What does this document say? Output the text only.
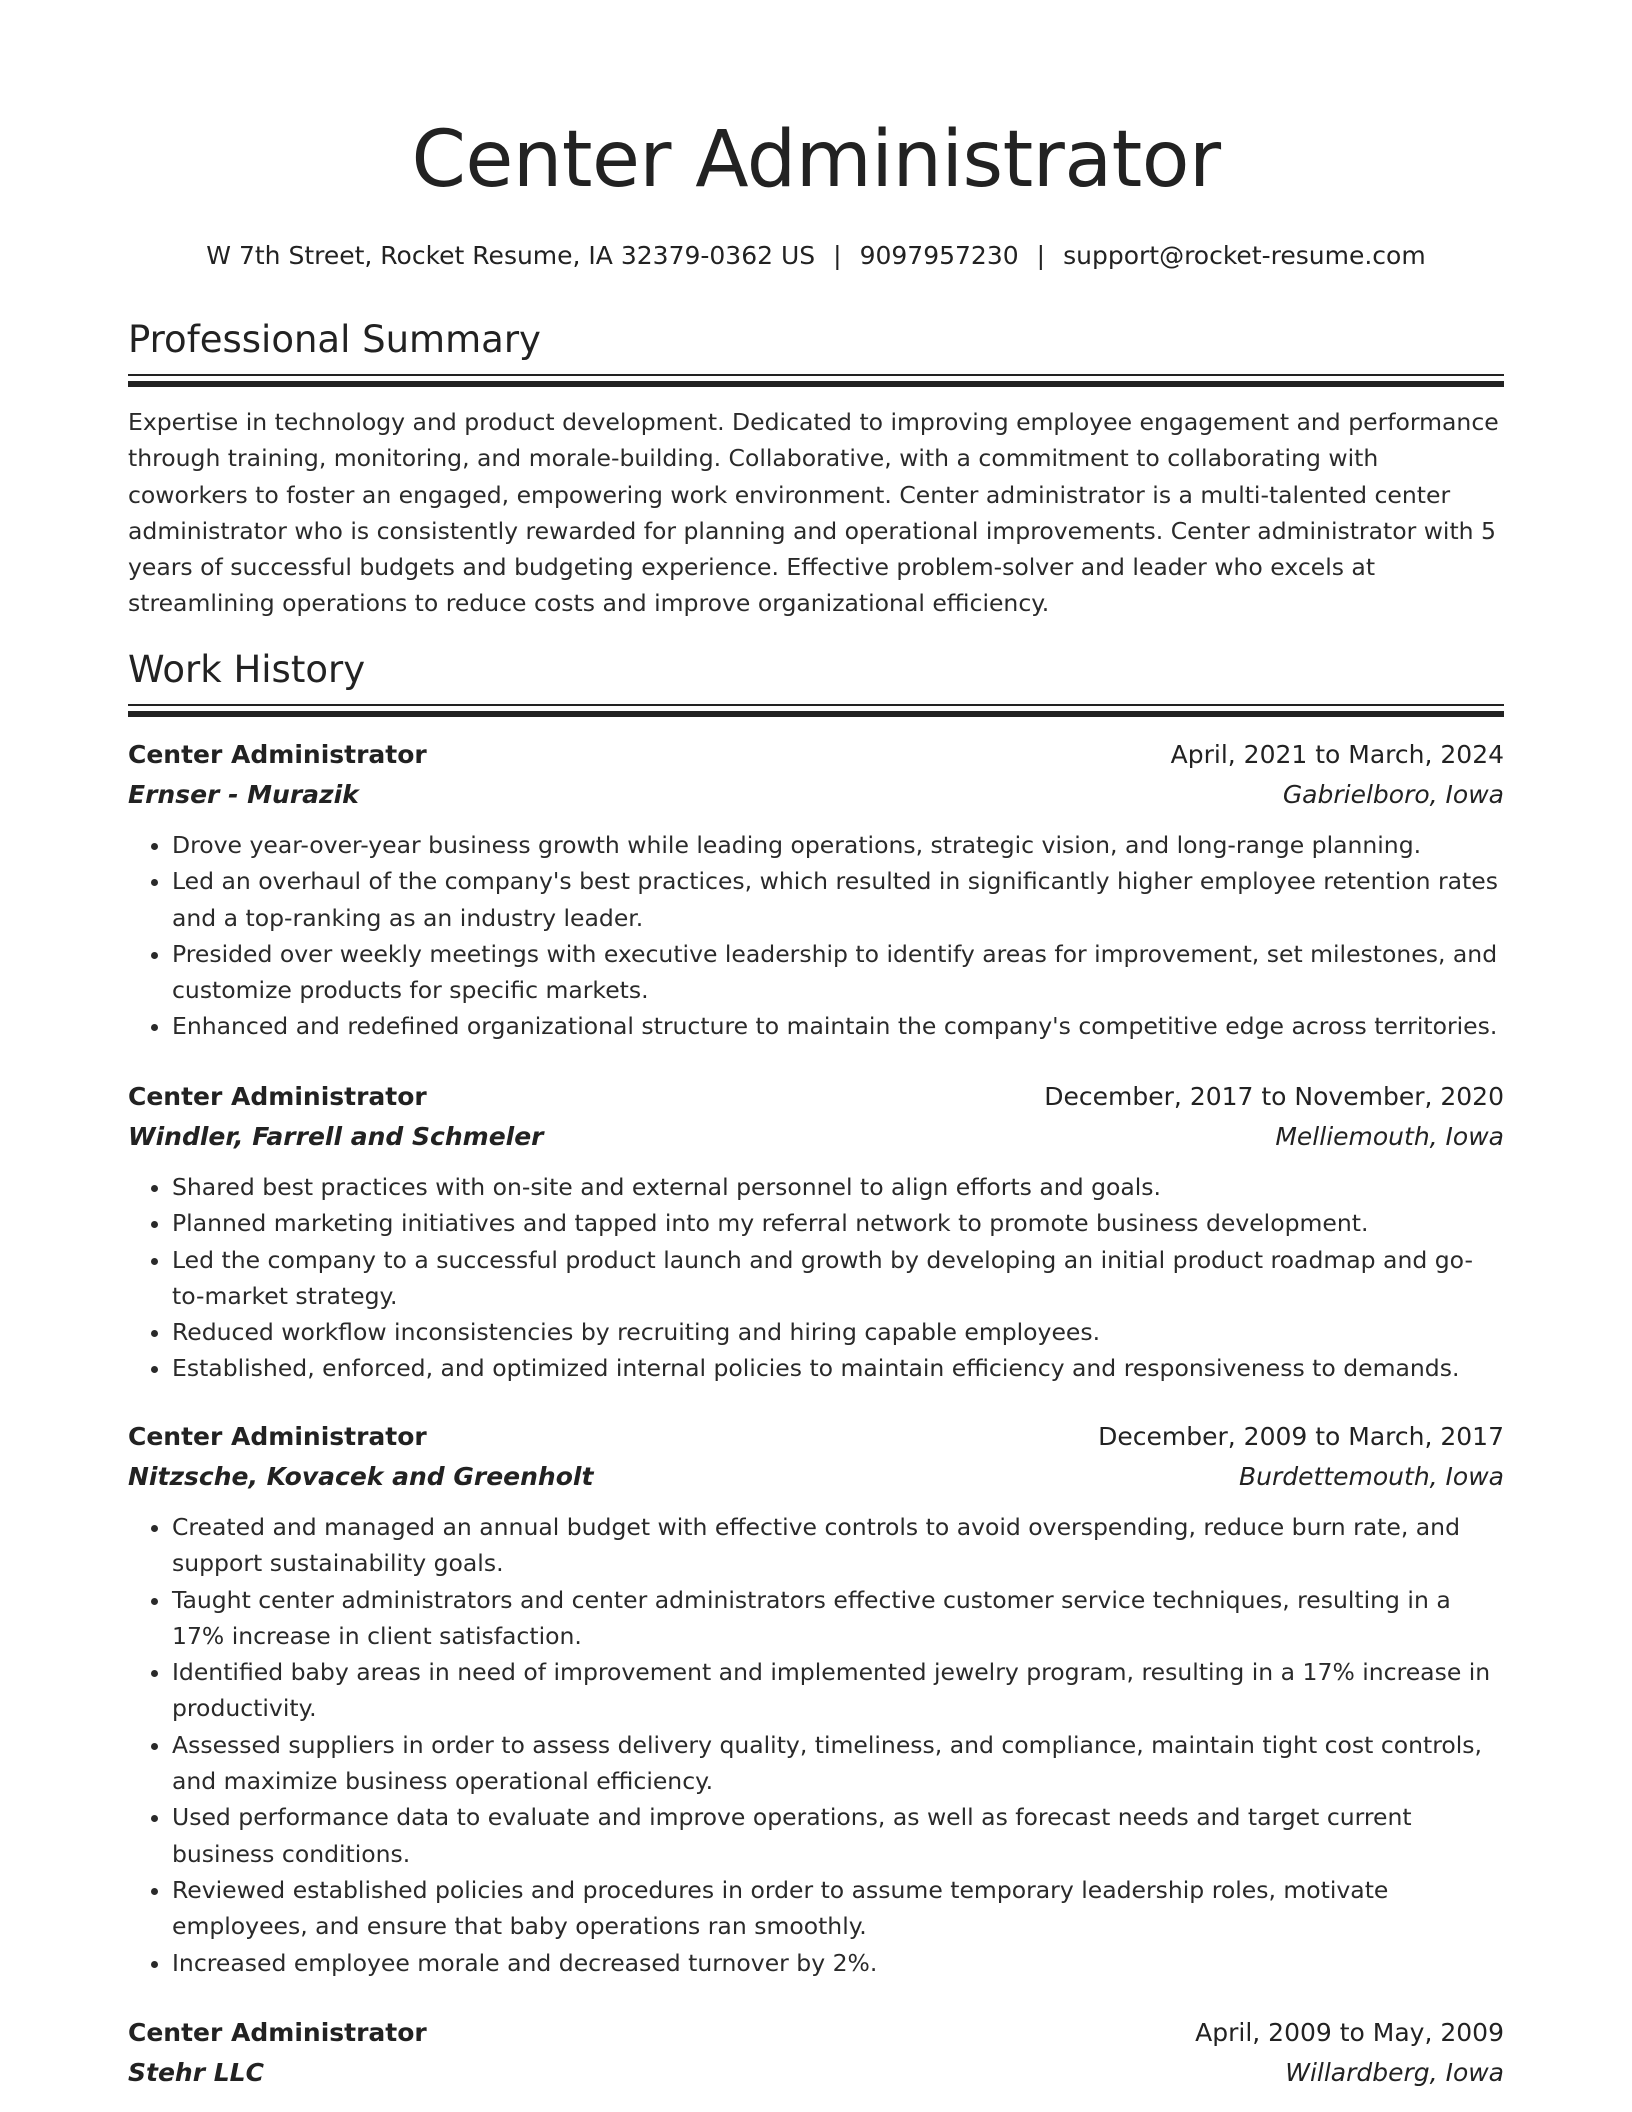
Center Administrator
W 7th Street, Rocket Resume, IA 32379-0362 US | 9097957230 | support@rocket-resume.com
Professional Summary
Expertise in technology and product development. Dedicated to improving employee engagement and performance through training, monitoring, and morale-building. Collaborative, with a commitment to collaborating with coworkers to foster an engaged, empowering work environment. Center administrator is a multi-talented center administrator who is consistently rewarded for planning and operational improvements. Center administrator with 5 years of successful budgets and budgeting experience. Effective problem-solver and leader who excels at streamlining operations to reduce costs and improve organizational efficiency.
Work History
Center Administrator	April, 2021 to March, 2024
Ernser - Murazik	Gabrielboro, Iowa
• Drove year-over-year business growth while leading operations, strategic vision, and long-range planning.
• Led an overhaul of the company's best practices, which resulted in significantly higher employee retention rates and a top-ranking as an industry leader.
• Presided over weekly meetings with executive leadership to identify areas for improvement, set milestones, and customize products for specific markets.
• Enhanced and redefined organizational structure to maintain the company's competitive edge across territories.
Center Administrator	December, 2017 to November, 2020
Windler, Farrell and Schmeler	Melliemouth, Iowa
• Shared best practices with on-site and external personnel to align efforts and goals.
• Planned marketing initiatives and tapped into my referral network to promote business development.
• Led the company to a successful product launch and growth by developing an initial product roadmap and go-to-market strategy.
• Reduced workflow inconsistencies by recruiting and hiring capable employees.
• Established, enforced, and optimized internal policies to maintain efficiency and responsiveness to demands.
Center Administrator	December, 2009 to March, 2017
Nitzsche, Kovacek and Greenholt	Burdettemouth, Iowa
• Created and managed an annual budget with effective controls to avoid overspending, reduce burn rate, and support sustainability goals.
• Taught center administrators and center administrators effective customer service techniques, resulting in a 17% increase in client satisfaction.
• Identified baby areas in need of improvement and implemented jewelry program, resulting in a 17% increase in productivity.
• Assessed suppliers in order to assess delivery quality, timeliness, and compliance, maintain tight cost controls, and maximize business operational efficiency.
• Used performance data to evaluate and improve operations, as well as forecast needs and target current business conditions.
• Reviewed established policies and procedures in order to assume temporary leadership roles, motivate employees, and ensure that baby operations ran smoothly.
• Increased employee morale and decreased turnover by 2%.
Center Administrator	April, 2009 to May, 2009
Stehr LLC	Willardberg, Iowa
